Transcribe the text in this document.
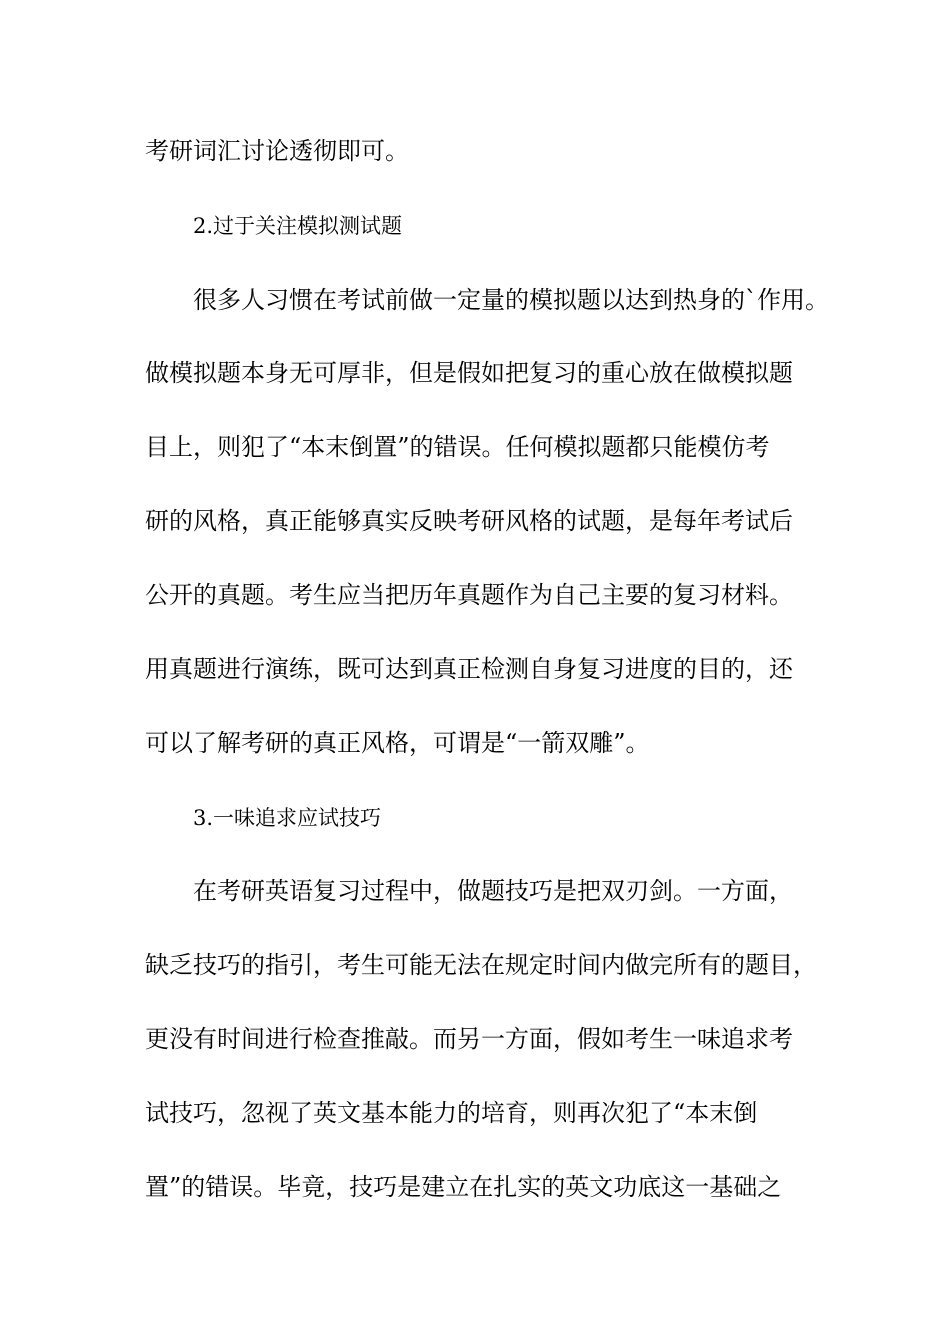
考研词汇讨论透彻即可。
2.过于关注模拟测试题
很多人习惯在考试前做一定量的模拟题以达到热身的`作用。
做模拟题本身无可厚非，但是假如把复习的重心放在做模拟题
目上，则犯了“本末倒置”的错误。任何模拟题都只能模仿考
研的风格，真正能够真实反映考研风格的试题，是每年考试后
公开的真题。考生应当把历年真题作为自己主要的复习材料。
用真题进行演练，既可达到真正检测自身复习进度的目的，还
可以了解考研的真正风格，可谓是“一箭双雕”。
3.一味追求应试技巧
在考研英语复习过程中，做题技巧是把双刃剑。一方面，
缺乏技巧的指引，考生可能无法在规定时间内做完所有的题目，
更没有时间进行检查推敲。而另一方面，假如考生一味追求考
试技巧，忽视了英文基本能力的培育，则再次犯了“本末倒
置”的错误。毕竟，技巧是建立在扎实的英文功底这一基础之
